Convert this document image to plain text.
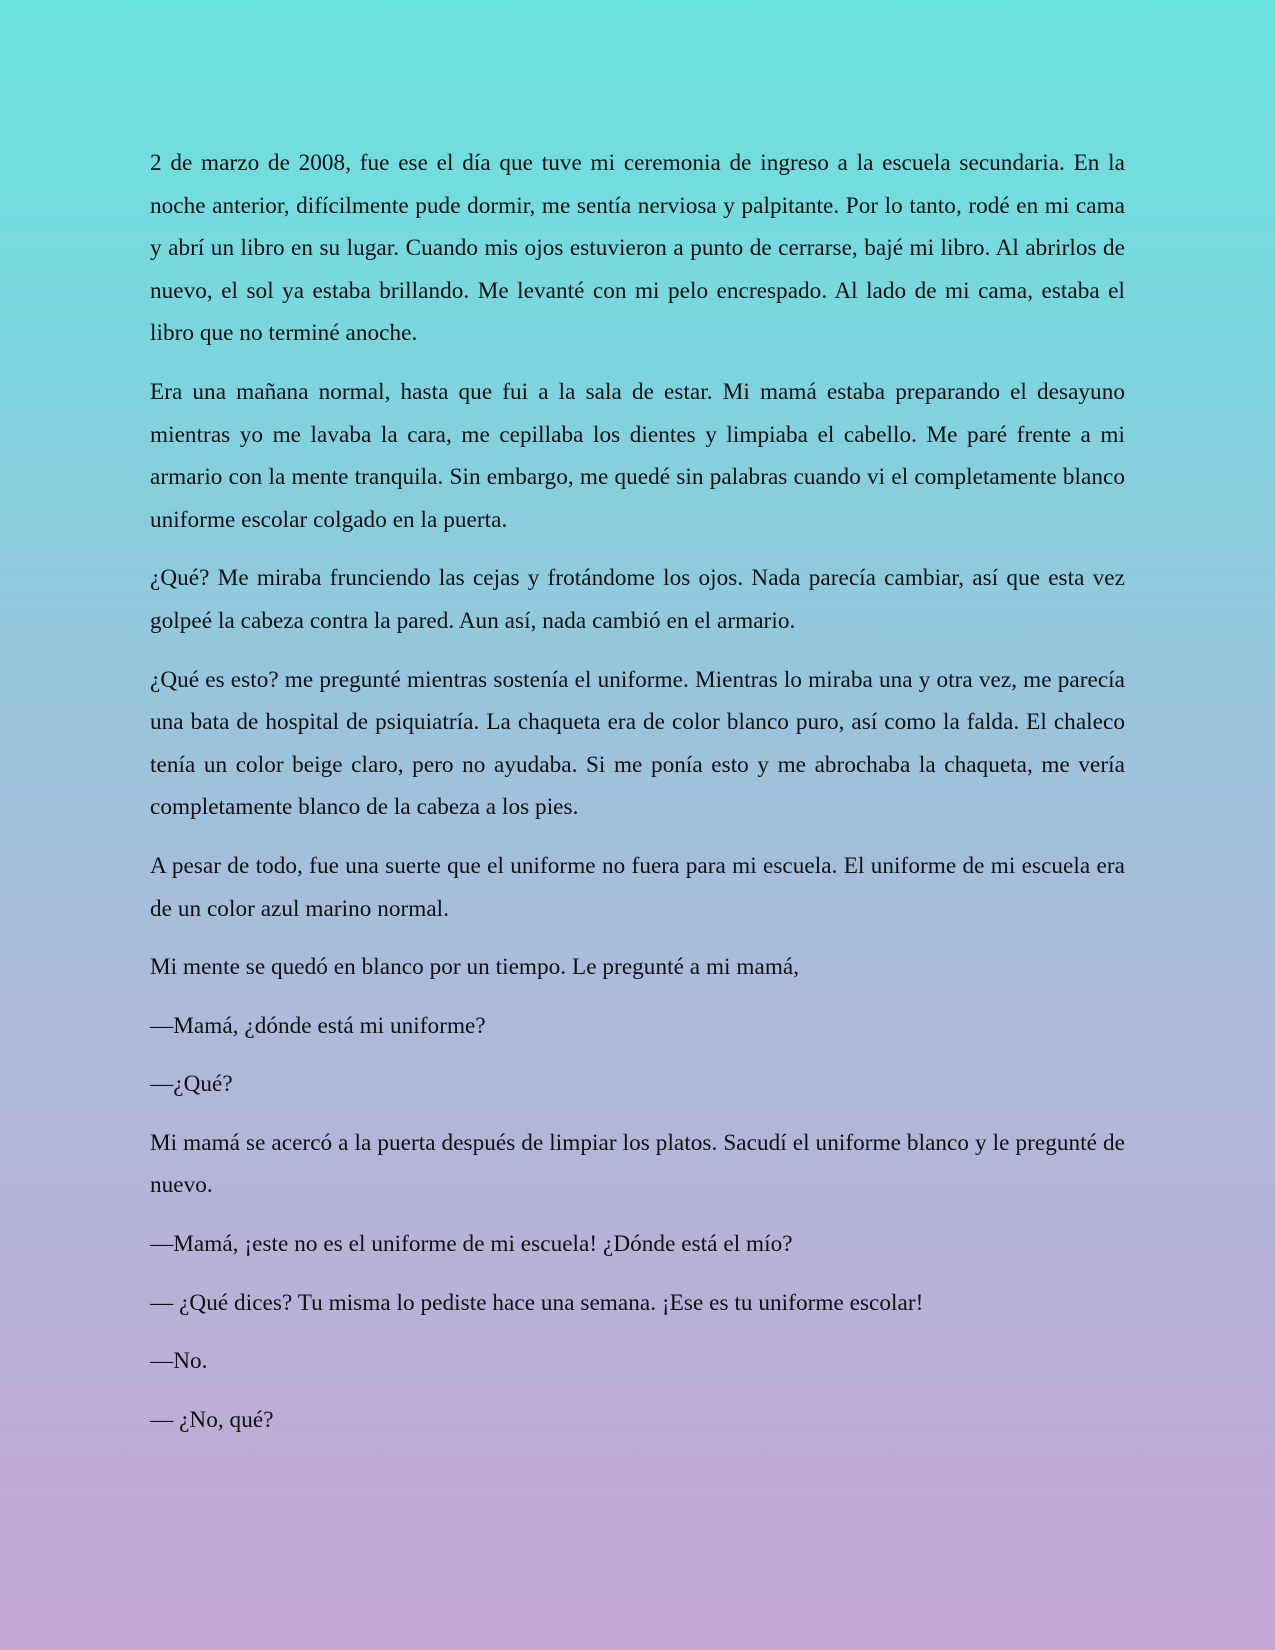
2 de marzo de 2008, fue ese el día que tuve mi ceremonia de ingreso a la escuela secundaria. En la noche anterior, difícilmente pude dormir, me sentía nerviosa y palpitante. Por lo tanto, rodé en mi cama y abrí un libro en su lugar. Cuando mis ojos estuvieron a punto de cerrarse, bajé mi libro. Al abrirlos de nuevo, el sol ya estaba brillando. Me levanté con mi pelo encrespado. Al lado de mi cama, estaba el libro que no terminé anoche.

Era una mañana normal, hasta que fui a la sala de estar. Mi mamá estaba preparando el desayuno mientras yo me lavaba la cara, me cepillaba los dientes y limpiaba el cabello. Me paré frente a mi armario con la mente tranquila. Sin embargo, me quedé sin palabras cuando vi el completamente blanco uniforme escolar colgado en la puerta.

¿Qué? Me miraba frunciendo las cejas y frotándome los ojos. Nada parecía cambiar, así que esta vez golpeé la cabeza contra la pared. Aun así, nada cambió en el armario.

¿Qué es esto? me pregunté mientras sostenía el uniforme. Mientras lo miraba una y otra vez, me parecía una bata de hospital de psiquiatría. La chaqueta era de color blanco puro, así como la falda. El chaleco tenía un color beige claro, pero no ayudaba. Si me ponía esto y me abrochaba la chaqueta, me vería completamente blanco de la cabeza a los pies.

A pesar de todo, fue una suerte que el uniforme no fuera para mi escuela. El uniforme de mi escuela era de un color azul marino normal.

Mi mente se quedó en blanco por un tiempo. Le pregunté a mi mamá,

—Mamá, ¿dónde está mi uniforme?

—¿Qué?

Mi mamá se acercó a la puerta después de limpiar los platos. Sacudí el uniforme blanco y le pregunté de nuevo.

—Mamá, ¡este no es el uniforme de mi escuela! ¿Dónde está el mío?

— ¿Qué dices? Tu misma lo pediste hace una semana. ¡Ese es tu uniforme escolar!

—No.

— ¿No, qué?
